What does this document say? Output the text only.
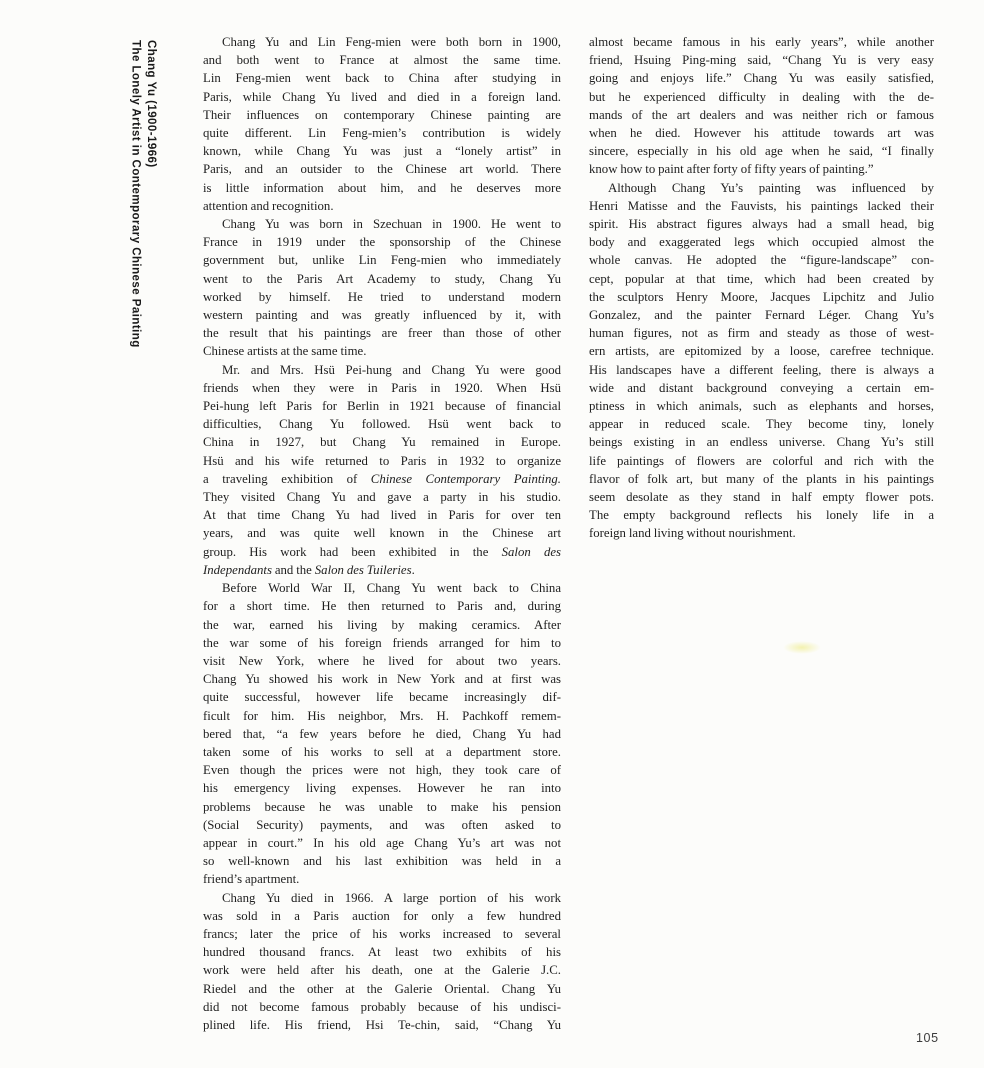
Chang Yu (1900-1966)
The Lonely Artist in Contemporary Chinese Painting	Chang Yu and Lin Feng-mien were both born in 1900,
and both went to France at almost the same time.
Lin Feng-mien went back to China after studying in
Paris, while Chang Yu lived and died in a foreign land.
Their influences on contemporary Chinese painting are
quite different. Lin Feng-mien’s contribution is widely
known, while Chang Yu was just a “lonely artist” in
Paris, and an outsider to the Chinese art world. There
is little information about him, and he deserves more
attention and recognition.
Chang Yu was born in Szechuan in 1900. He went to
France in 1919 under the sponsorship of the Chinese
government but, unlike Lin Feng-mien who immediately
went to the Paris Art Academy to study, Chang Yu
worked by himself. He tried to understand modern
western painting and was greatly influenced by it, with
the result that his paintings are freer than those of other
Chinese artists at the same time.
Mr. and Mrs. Hsü Pei-hung and Chang Yu were good
friends when they were in Paris in 1920. When Hsü
Pei-hung left Paris for Berlin in 1921 because of financial
difficulties, Chang Yu followed. Hsü went back to
China in 1927, but Chang Yu remained in Europe.
Hsü and his wife returned to Paris in 1932 to organize
a traveling exhibition of Chinese Contemporary Painting.
They visited Chang Yu and gave a party in his studio.
At that time Chang Yu had lived in Paris for over ten
years, and was quite well known in the Chinese art
group. His work had been exhibited in the Salon des
Independants and the Salon des Tuileries.
Before World War II, Chang Yu went back to China
for a short time. He then returned to Paris and, during
the war, earned his living by making ceramics. After
the war some of his foreign friends arranged for him to
visit New York, where he lived for about two years.
Chang Yu showed his work in New York and at first was
quite successful, however life became increasingly dif-
ficult for him. His neighbor, Mrs. H. Pachkoff remem-
bered that, “a few years before he died, Chang Yu had
taken some of his works to sell at a department store.
Even though the prices were not high, they took care of
his emergency living expenses. However he ran into
problems because he was unable to make his pension
(Social Security) payments, and was often asked to
appear in court.” In his old age Chang Yu’s art was not
so well-known and his last exhibition was held in a
friend’s apartment.
Chang Yu died in 1966. A large portion of his work
was sold in a Paris auction for only a few hundred
francs; later the price of his works increased to several
hundred thousand francs. At least two exhibits of his
work were held after his death, one at the Galerie J.C.
Riedel and the other at the Galerie Oriental. Chang Yu
did not become famous probably because of his undisci-
plined life. His friend, Hsi Te-chin, said, “Chang Yu
almost became famous in his early years”, while another
friend, Hsuing Ping-ming said, “Chang Yu is very easy
going and enjoys life.” Chang Yu was easily satisfied,
but he experienced difficulty in dealing with the de-
mands of the art dealers and was neither rich or famous
when he died. However his attitude towards art was
sincere, especially in his old age when he said, “I finally
know how to paint after forty of fifty years of painting.”
Although Chang Yu’s painting was influenced by
Henri Matisse and the Fauvists, his paintings lacked their
spirit. His abstract figures always had a small head, big
body and exaggerated legs which occupied almost the
whole canvas. He adopted the “figure-landscape” con-
cept, popular at that time, which had been created by
the sculptors Henry Moore, Jacques Lipchitz and Julio
Gonzalez, and the painter Fernard Léger. Chang Yu’s
human figures, not as firm and steady as those of west-
ern artists, are epitomized by a loose, carefree technique.
His landscapes have a different feeling, there is always a
wide and distant background conveying a certain em-
ptiness in which animals, such as elephants and horses,
appear in reduced scale. They become tiny, lonely
beings existing in an endless universe. Chang Yu’s still
life paintings of flowers are colorful and rich with the
flavor of folk art, but many of the plants in his paintings
seem desolate as they stand in half empty flower pots.
The empty background reflects his lonely life in a
foreign land living without nourishment.
105
